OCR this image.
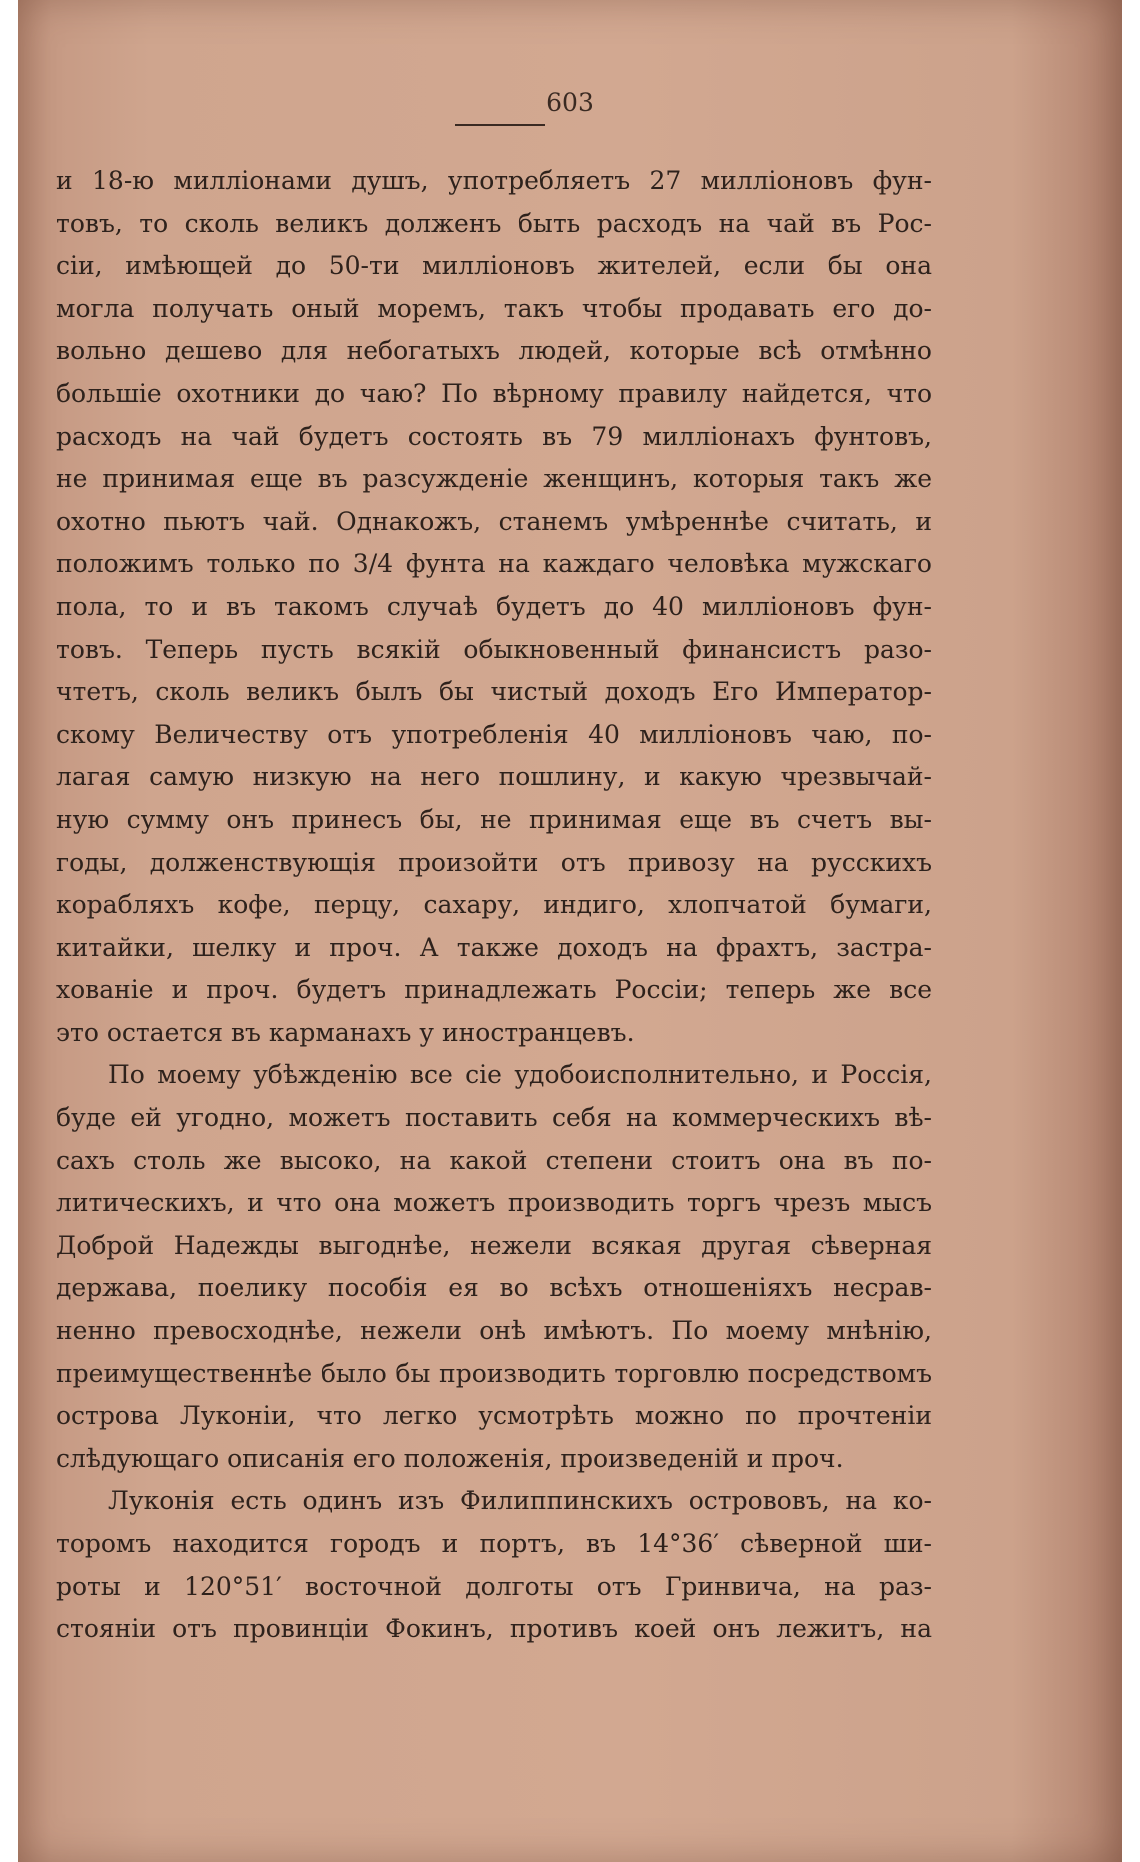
603
и 18-ю милліонами душъ, употребляетъ 27 милліоновъ фун-
товъ, то сколь великъ долженъ быть расходъ на чай въ Рос-
сіи, имѣющей до 50-ти милліоновъ жителей, если бы она
могла получать оный моремъ, такъ чтобы продавать его до-
вольно дешево для небогатыхъ людей, которые всѣ отмѣнно
большіе охотники до чаю? По вѣрному правилу найдется, что
расходъ на чай будетъ состоять въ 79 милліонахъ фунтовъ,
не принимая еще въ разсужденіе женщинъ, которыя такъ же
охотно пьютъ чай. Однакожъ, станемъ умѣреннѣе считать, и
положимъ только по 3/4 фунта на каждаго человѣка мужскаго
пола, то и въ такомъ случаѣ будетъ до 40 милліоновъ фун-
товъ. Теперь пусть всякій обыкновенный финансистъ разо-
чтетъ, сколь великъ былъ бы чистый доходъ Его Император-
скому Величеству отъ употребленія 40 милліоновъ чаю, по-
лагая самую низкую на него пошлину, и какую чрезвычай-
ную сумму онъ принесъ бы, не принимая еще въ счетъ вы-
годы, долженствующія произойти отъ привозу на русскихъ
корабляхъ кофе, перцу, сахару, индиго, хлопчатой бумаги,
китайки, шелку и проч. А также доходъ на фрахтъ, застра-
хованіе и проч. будетъ принадлежать Россіи; теперь же все
это остается въ карманахъ у иностранцевъ.
По моему убѣжденію все сіе удобоисполнительно, и Россія,
буде ей угодно, можетъ поставить себя на коммерческихъ вѣ-
сахъ столь же высоко, на какой степени стоитъ она въ по-
литическихъ, и что она можетъ производить торгъ чрезъ мысъ
Доброй Надежды выгоднѣе, нежели всякая другая сѣверная
держава, поелику пособія ея во всѣхъ отношеніяхъ несрав-
ненно превосходнѣе, нежели онѣ имѣютъ. По моему мнѣнію,
преимущественнѣе было бы производить торговлю посредствомъ
острова Луконіи, что легко усмотрѣть можно по прочтеніи
слѣдующаго описанія его положенія, произведеній и проч.
Луконія есть одинъ изъ Филиппинскихъ острововъ, на ко-
торомъ находится городъ и портъ, въ 14°36′ сѣверной ши-
роты и 120°51′ восточной долготы отъ Гринвича, на раз-
стояніи отъ провинціи Фокинъ, противъ коей онъ лежитъ, на
